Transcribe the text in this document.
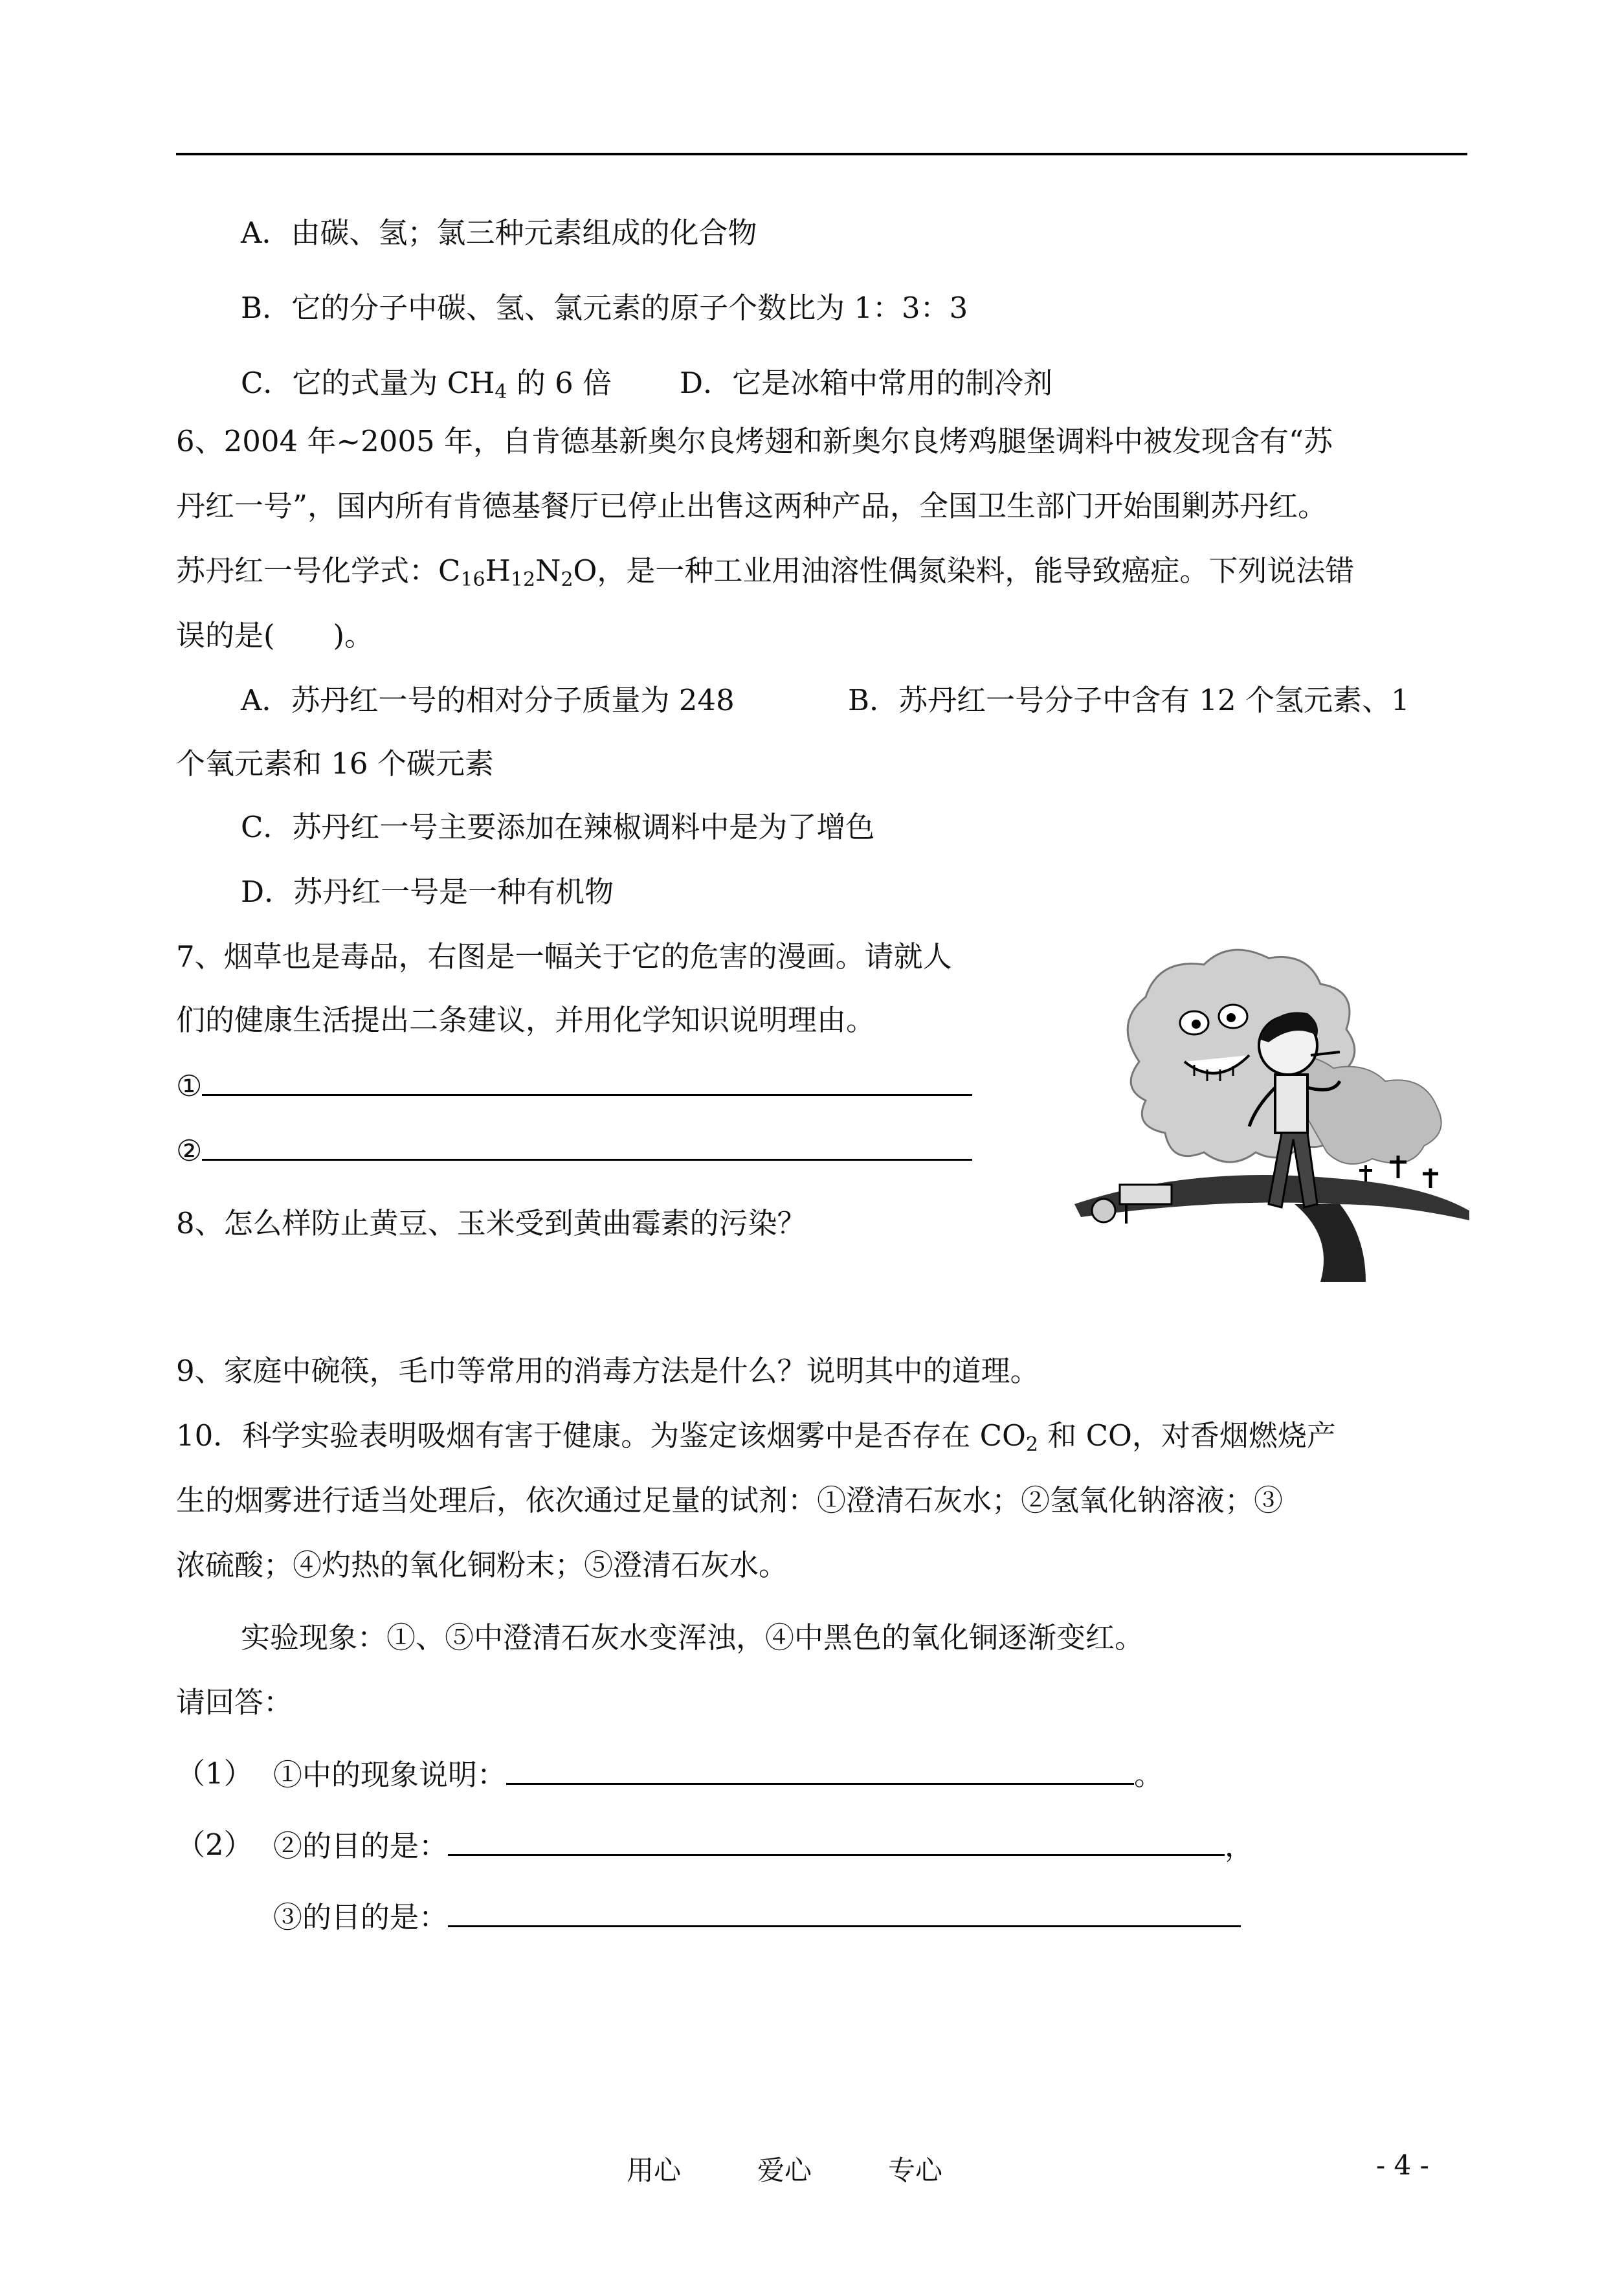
A．由碳、氢；氯三种元素组成的化合物
B．它的分子中碳、氢、氯元素的原子个数比为 1：3：3
C．它的式量为 $CH_4$ 的 6 倍 D．它是冰箱中常用的制冷剂
6、2004 年~2005 年，自肯德基新奥尔良烤翅和新奥尔良烤鸡腿堡调料中被发现含有“苏
丹红一号”，国内所有肯德基餐厅已停止出售这两种产品，全国卫生部门开始围剿苏丹红。
苏丹红一号化学式：$C_{16}H_{12}N_2O$，是一种工业用油溶性偶氮染料，能导致癌症。下列说法错
误的是(　　)。
A．苏丹红一号的相对分子质量为 248	B．苏丹红一号分子中含有 12 个氢元素、1
个氧元素和 16 个碳元素
C．苏丹红一号主要添加在辣椒调料中是为了增色
D．苏丹红一号是一种有机物
7、烟草也是毒品，右图是一幅关于它的危害的漫画。请就人
们的健康生活提出二条建议，并用化学知识说明理由。
①
②
8、怎么样防止黄豆、玉米受到黄曲霉素的污染？
9、家庭中碗筷，毛巾等常用的消毒方法是什么？说明其中的道理。
10．科学实验表明吸烟有害于健康。为鉴定该烟雾中是否存在 $CO_2$ 和 CO，对香烟燃烧产
生的烟雾进行适当处理后，依次通过足量的试剂：①澄清石灰水；②氢氧化钠溶液；③
浓硫酸；④灼热的氧化铜粉末；⑤澄清石灰水。
实验现象：①、⑤中澄清石灰水变浑浊，④中黑色的氧化铜逐渐变红。
请回答：
（1） ①中的现象说明：	。
（2） ②的目的是：	，
③的目的是：
用心	爱心	专心	- 4 -
